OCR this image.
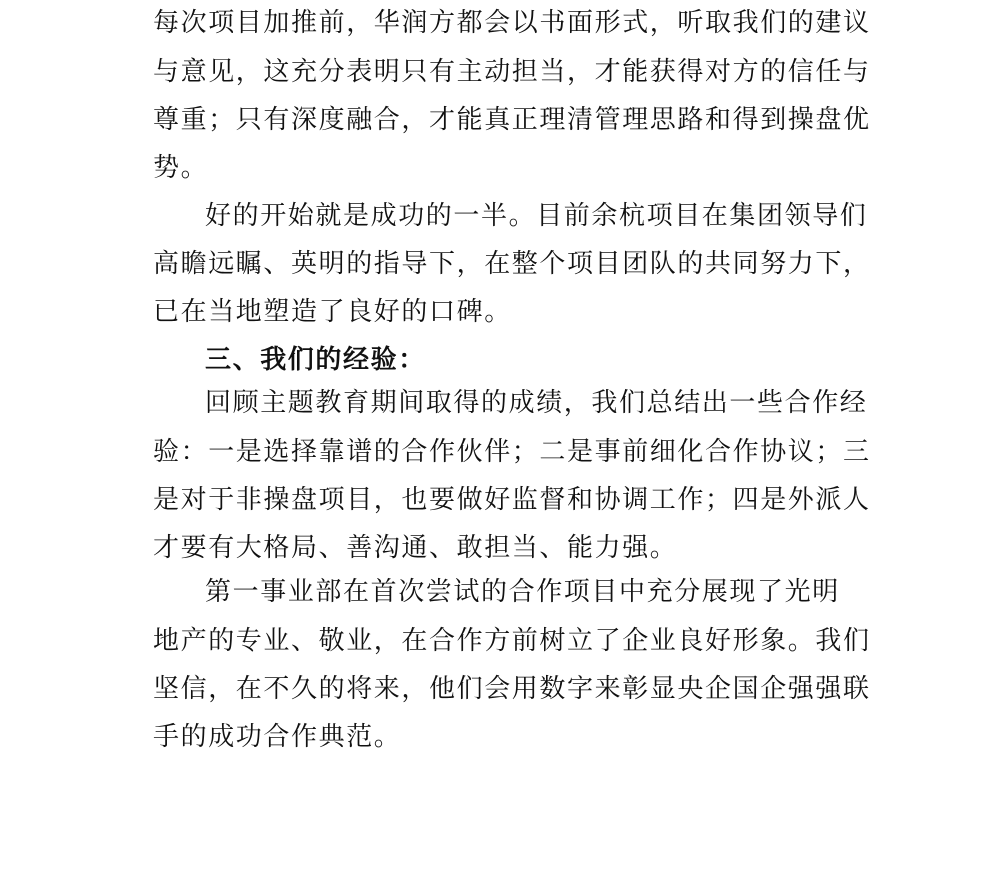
每次项目加推前，华润方都会以书面形式，听取我们的建议
与意见，这充分表明只有主动担当，才能获得对方的信任与
尊重；只有深度融合，才能真正理清管理思路和得到操盘优
势。
好的开始就是成功的一半。目前余杭项目在集团领导们
高瞻远瞩、英明的指导下，在整个项目团队的共同努力下，
已在当地塑造了良好的口碑。
三、我们的经验：
回顾主题教育期间取得的成绩，我们总结出一些合作经
验：一是选择靠谱的合作伙伴；二是事前细化合作协议；三
是对于非操盘项目，也要做好监督和协调工作；四是外派人
才要有大格局、善沟通、敢担当、能力强。
第一事业部在首次尝试的合作项目中充分展现了光明
地产的专业、敬业，在合作方前树立了企业良好形象。我们
坚信，在不久的将来，他们会用数字来彰显央企国企强强联
手的成功合作典范。
